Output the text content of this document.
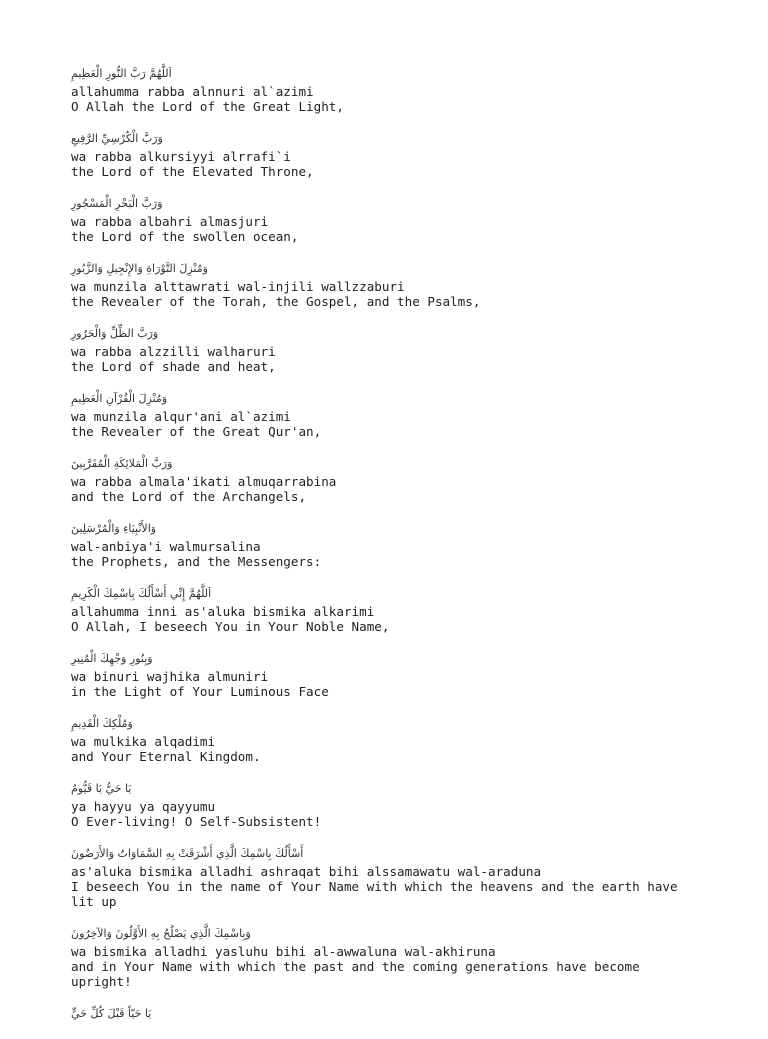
اَللَّهُمَّ رَبَّ النُّورِ الْعَظِيمِ
allahumma rabba alnnuri al`azimi
O Allah the Lord of the Great Light,
وَرَبَّ الْكُرْسِيِّ الرَّفِيعِ
wa rabba alkursiyyi alrrafi`i
the Lord of the Elevated Throne,
وَرَبَّ الْبَحْرِ الْمَسْجُورِ
wa rabba albahri almasjuri
the Lord of the swollen ocean,
وَمُنْزِلَ التَّوْرَاةِ وَالإِنْجِيلِ وَالزَّبُورِ
wa munzila alttawrati wal-injili wallzzaburi
the Revealer of the Torah, the Gospel, and the Psalms,
وَرَبَّ الظِّلِّ وَالْحَرُورِ
wa rabba alzzilli walharuri
the Lord of shade and heat,
وَمُنْزِلَ الْقُرْآنِ الْعَظِيمِ
wa munzila alqur'ani al`azimi
the Revealer of the Great Qur'an,
وَرَبَّ الْمَلائِكَةِ الْمُقَرَّبِينَ
wa rabba almala'ikati almuqarrabina
and the Lord of the Archangels,
وَالأَنْبِيَاءِ وَالْمُرْسَلِينَ
wal-anbiya'i walmursalina
the Prophets, and the Messengers:
اَللَّهُمَّ إِنِّي أَسْأَلُكَ بِاسْمِكَ الْكَرِيمِ
allahumma inni as'aluka bismika alkarimi
O Allah, I beseech You in Your Noble Name,
وَبِنُورِ وَجْهِكَ الْمُنِيرِ
wa binuri wajhika almuniri
in the Light of Your Luminous Face
وَمُلْكِكَ الْقَدِيمِ
wa mulkika alqadimi
and Your Eternal Kingdom.
يَا حَيُّ يَا قَيُّومُ
ya hayyu ya qayyumu
O Ever-living! O Self-Subsistent!
أَسْأَلُكَ بِاسْمِكَ الَّذِي أَشْرَقَتْ بِهِ السَّمَاوَاتُ وَالأَرَضُونَ
as'aluka bismika alladhi ashraqat bihi alssamawatu wal-araduna
I beseech You in the name of Your Name with which the heavens and the earth have
lit up
وَبِاسْمِكَ الَّذِي يَصْلُحُ بِهِ الأَوَّلُونَ وَالآخِرُونَ
wa bismika alladhi yasluhu bihi al-awwaluna wal-akhiruna
and in Your Name with which the past and the coming generations have become
upright!
يَا حَيّاً قَبْلَ كُلِّ حَيٍّ
